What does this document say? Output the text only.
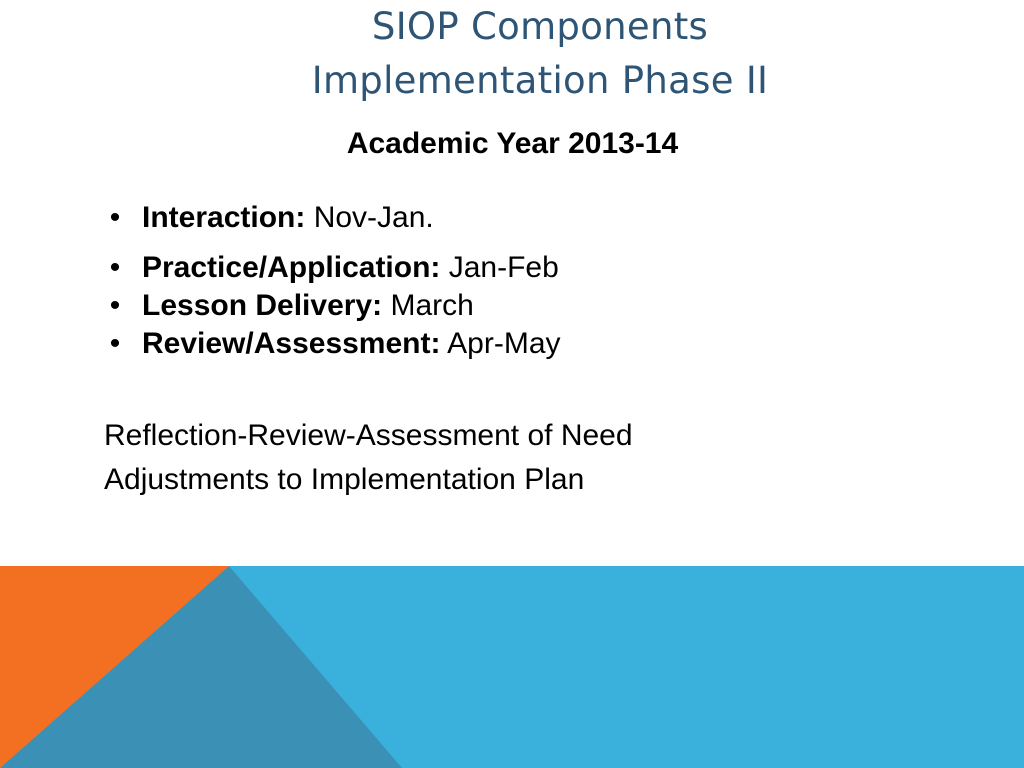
SIOP Components
Implementation Phase II
Academic Year 2013-14
• Interaction: Nov-Jan.
• Practice/Application: Jan-Feb
• Lesson Delivery: March
• Review/Assessment: Apr-May
Reflection-Review-Assessment of Need
Adjustments to Implementation Plan
